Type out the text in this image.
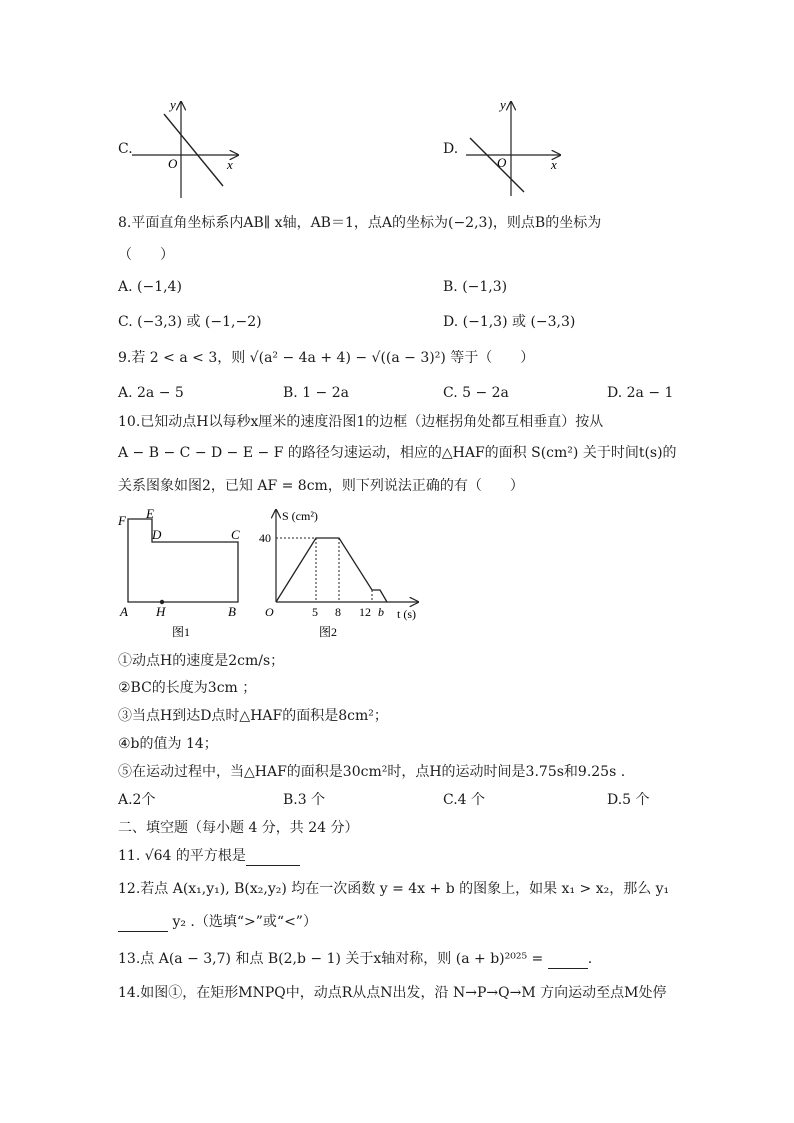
C.
y
x
O
D.
y
x
O
8.平面直角坐标系内AB∥ x轴，AB＝1，点A的坐标为(−2,3)，则点B的坐标为
（　　）
A. (−1,4)	B. (−1,3)
C. (−3,3) 或 (−1,−2)	D. (−1,3) 或 (−3,3)
9.若 2 < a < 3，则 √(a² − 4a + 4) − √((a − 3)²) 等于（　　）
A. 2a − 5	B. 1 − 2a	C. 5 − 2a	D. 2a − 1
10.已知动点H以每秒x厘米的速度沿图1的边框（边框拐角处都互相垂直）按从
A − B − C − D − E − F 的路径匀速运动，相应的△HAF的面积 S(cm²) 关于时间t(s)的
关系图象如图2，已知 AF = 8cm，则下列说法正确的有（　　）
F E
D	C
A H	B
图1
S (cm²)
40
O	5 8 12 b t (s)
图2
①动点H的速度是2cm/s；
②BC的长度为3cm ；
③当点H到达D点时△HAF的面积是8cm²；
④b的值为 14；
⑤在运动过程中，当△HAF的面积是30cm²时，点H的运动时间是3.75s和9.25s .
A.2个	B.3 个	C.4 个	D.5 个
二、填空题（每小题 4 分，共 24 分）
11. √64 的平方根是
12.若点 A(x₁,y₁), B(x₂,y₂) 均在一次函数 y = 4x + b 的图象上，如果 x₁ > x₂，那么 y₁
y₂ .（选填“>”或“<”）
13.点 A(a − 3,7) 和点 B(2,b − 1) 关于x轴对称，则 (a + b)²⁰²⁵ =	.
14.如图①，在矩形MNPQ中，动点R从点N出发，沿 N→P→Q→M 方向运动至点M处停
